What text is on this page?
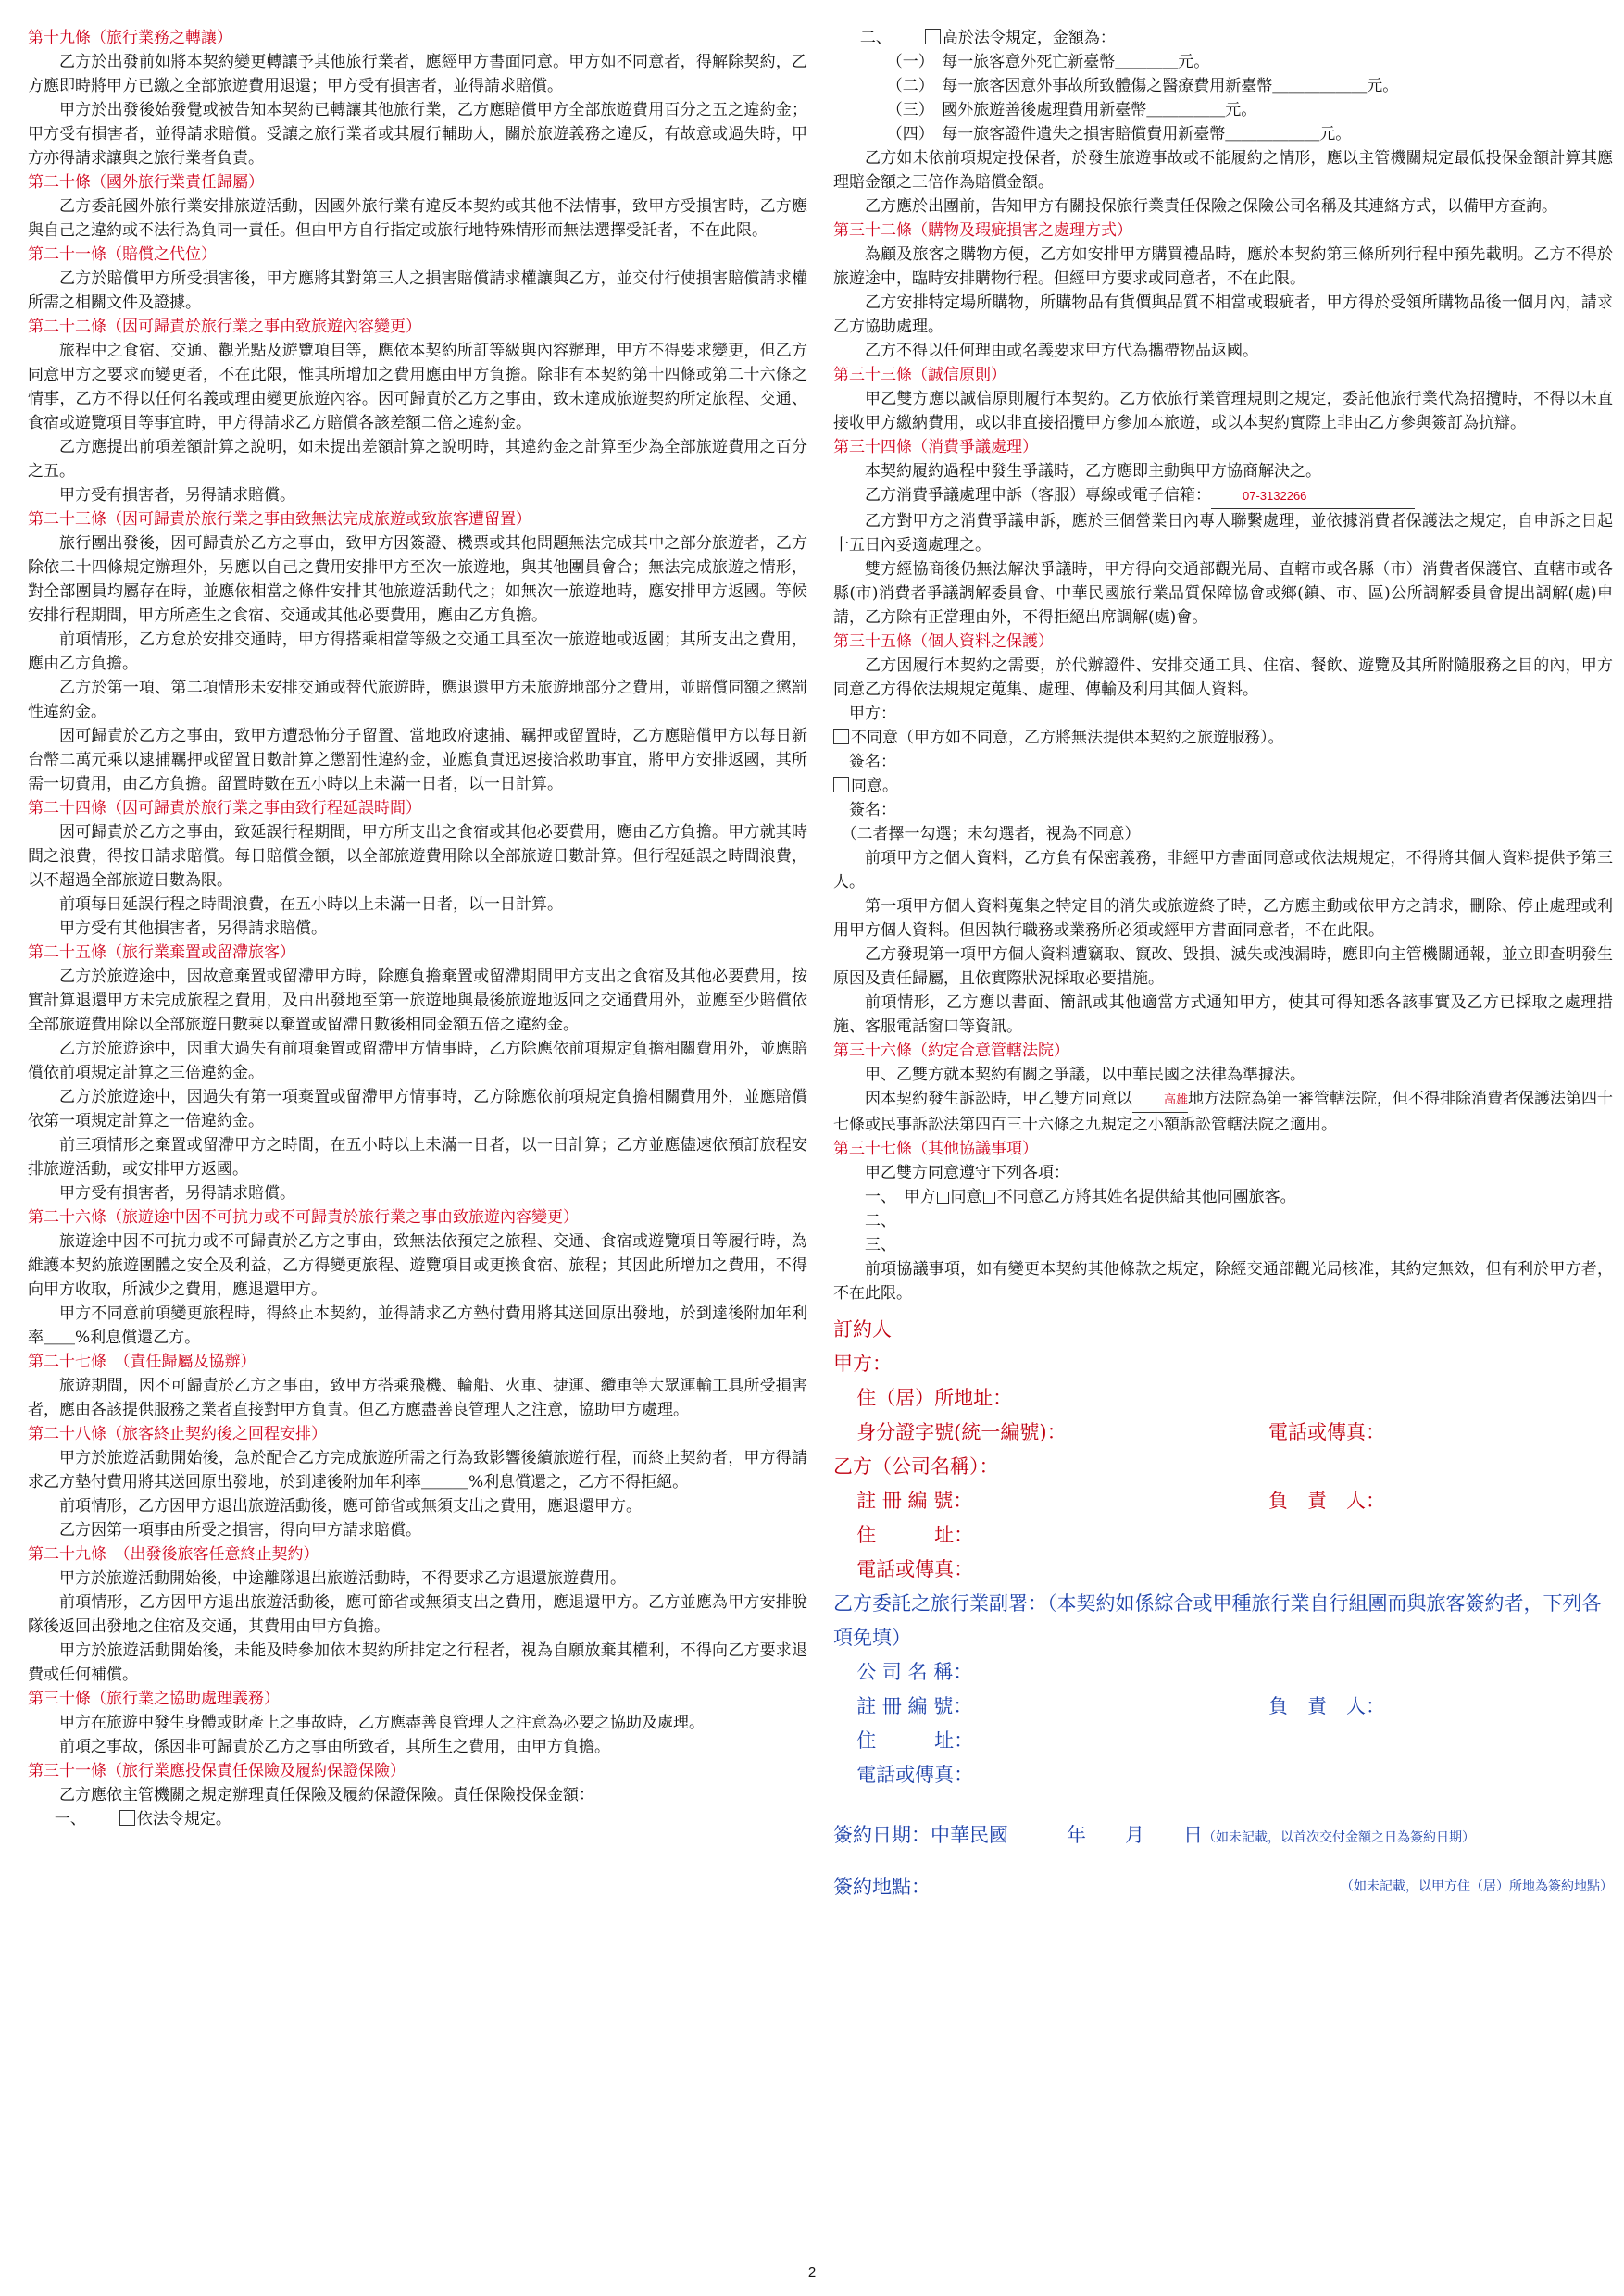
第十九條（旅行業務之轉讓）
乙方於出發前如將本契約變更轉讓予其他旅行業者，應經甲方書面同意。甲方如不同意者，得解除契約，乙方應即時將甲方已繳之全部旅遊費用退還；甲方受有損害者，並得請求賠償。
甲方於出發後始發覺或被告知本契約已轉讓其他旅行業，乙方應賠償甲方全部旅遊費用百分之五之違約金；甲方受有損害者，並得請求賠償。受讓之旅行業者或其履行輔助人，關於旅遊義務之違反，有故意或過失時，甲方亦得請求讓與之旅行業者負責。
第二十條（國外旅行業責任歸屬）
乙方委託國外旅行業安排旅遊活動，因國外旅行業有違反本契約或其他不法情事，致甲方受損害時，乙方應與自己之違約或不法行為負同一責任。但由甲方自行指定或旅行地特殊情形而無法選擇受託者，不在此限。
第二十一條（賠償之代位）
乙方於賠償甲方所受損害後，甲方應將其對第三人之損害賠償請求權讓與乙方，並交付行使損害賠償請求權所需之相關文件及證據。
第二十二條（因可歸責於旅行業之事由致旅遊內容變更）
旅程中之食宿、交通、觀光點及遊覽項目等，應依本契約所訂等級與內容辦理，甲方不得要求變更，但乙方同意甲方之要求而變更者，不在此限，惟其所增加之費用應由甲方負擔。除非有本契約第十四條或第二十六條之情事，乙方不得以任何名義或理由變更旅遊內容。因可歸責於乙方之事由，致未達成旅遊契約所定旅程、交通、食宿或遊覽項目等事宜時，甲方得請求乙方賠償各該差額二倍之違約金。
乙方應提出前項差額計算之說明，如未提出差額計算之說明時，其違約金之計算至少為全部旅遊費用之百分之五。
甲方受有損害者，另得請求賠償。
第二十三條（因可歸責於旅行業之事由致無法完成旅遊或致旅客遭留置）
旅行團出發後，因可歸責於乙方之事由，致甲方因簽證、機票或其他問題無法完成其中之部分旅遊者，乙方除依二十四條規定辦理外，另應以自己之費用安排甲方至次一旅遊地，與其他團員會合；無法完成旅遊之情形，對全部團員均屬存在時，並應依相當之條件安排其他旅遊活動代之；如無次一旅遊地時，應安排甲方返國。等候安排行程期間，甲方所產生之食宿、交通或其他必要費用，應由乙方負擔。
前項情形，乙方怠於安排交通時，甲方得搭乘相當等級之交通工具至次一旅遊地或返國；其所支出之費用，應由乙方負擔。
乙方於第一項、第二項情形未安排交通或替代旅遊時，應退還甲方未旅遊地部分之費用，並賠償同額之懲罰性違約金。
因可歸責於乙方之事由，致甲方遭恐怖分子留置、當地政府逮捕、羈押或留置時，乙方應賠償甲方以每日新台幣二萬元乘以逮捕羈押或留置日數計算之懲罰性違約金，並應負責迅速接洽救助事宜，將甲方安排返國，其所需一切費用，由乙方負擔。留置時數在五小時以上未滿一日者，以一日計算。
第二十四條（因可歸責於旅行業之事由致行程延誤時間）
因可歸責於乙方之事由，致延誤行程期間，甲方所支出之食宿或其他必要費用，應由乙方負擔。甲方就其時間之浪費，得按日請求賠償。每日賠償金額，以全部旅遊費用除以全部旅遊日數計算。但行程延誤之時間浪費，以不超過全部旅遊日數為限。
前項每日延誤行程之時間浪費，在五小時以上未滿一日者，以一日計算。
甲方受有其他損害者，另得請求賠償。
第二十五條（旅行業棄置或留滯旅客）
乙方於旅遊途中，因故意棄置或留滯甲方時，除應負擔棄置或留滯期間甲方支出之食宿及其他必要費用，按實計算退還甲方未完成旅程之費用，及由出發地至第一旅遊地與最後旅遊地返回之交通費用外，並應至少賠償依全部旅遊費用除以全部旅遊日數乘以棄置或留滯日數後相同金額五倍之違約金。
乙方於旅遊途中，因重大過失有前項棄置或留滯甲方情事時，乙方除應依前項規定負擔相關費用外，並應賠償依前項規定計算之三倍違約金。
乙方於旅遊途中，因過失有第一項棄置或留滯甲方情事時，乙方除應依前項規定負擔相關費用外，並應賠償依第一項規定計算之一倍違約金。
前三項情形之棄置或留滯甲方之時間，在五小時以上未滿一日者，以一日計算；乙方並應儘速依預訂旅程安排旅遊活動，或安排甲方返國。
甲方受有損害者，另得請求賠償。
第二十六條（旅遊途中因不可抗力或不可歸責於旅行業之事由致旅遊內容變更）
旅遊途中因不可抗力或不可歸責於乙方之事由，致無法依預定之旅程、交通、食宿或遊覽項目等履行時，為維護本契約旅遊團體之安全及利益，乙方得變更旅程、遊覽項目或更換食宿、旅程；其因此所增加之費用，不得向甲方收取，所減少之費用，應退還甲方。
甲方不同意前項變更旅程時，得終止本契約，並得請求乙方墊付費用將其送回原出發地，於到達後附加年利率＿＿%利息償還乙方。
第二十七條　（責任歸屬及協辦）
旅遊期間，因不可歸責於乙方之事由，致甲方搭乘飛機、輪船、火車、捷運、纜車等大眾運輸工具所受損害者，應由各該提供服務之業者直接對甲方負責。但乙方應盡善良管理人之注意，協助甲方處理。
第二十八條（旅客終止契約後之回程安排）
甲方於旅遊活動開始後，急於配合乙方完成旅遊所需之行為致影響後續旅遊行程，而終止契約者，甲方得請求乙方墊付費用將其送回原出發地，於到達後附加年利率＿＿＿%利息償還之，乙方不得拒絕。
前項情形，乙方因甲方退出旅遊活動後，應可節省或無須支出之費用，應退還甲方。
乙方因第一項事由所受之損害，得向甲方請求賠償。
第二十九條　（出發後旅客任意終止契約）
甲方於旅遊活動開始後，中途離隊退出旅遊活動時，不得要求乙方退還旅遊費用。
前項情形，乙方因甲方退出旅遊活動後，應可節省或無須支出之費用，應退還甲方。乙方並應為甲方安排脫隊後返回出發地之住宿及交通，其費用由甲方負擔。
甲方於旅遊活動開始後，未能及時參加依本契約所排定之行程者，視為自願放棄其權利，不得向乙方要求退費或任何補償。
第三十條（旅行業之協助處理義務）
甲方在旅遊中發生身體或財產上之事故時，乙方應盡善良管理人之注意為必要之協助及處理。
前項之事故，係因非可歸責於乙方之事由所致者，其所生之費用，由甲方負擔。
第三十一條（旅行業應投保責任保險及履約保證保險）
乙方應依主管機關之規定辦理責任保險及履約保證保險。責任保險投保金額：
一、	依法令規定。
二、	高於法令規定，金額為：
（一）　每一旅客意外死亡新臺幣＿＿＿＿元。
（二）　每一旅客因意外事故所致體傷之醫療費用新臺幣＿＿＿＿＿＿元。
（三）　國外旅遊善後處理費用新臺幣＿＿＿＿＿元。
（四）　每一旅客證件遺失之損害賠償費用新臺幣＿＿＿＿＿＿元。
乙方如未依前項規定投保者，於發生旅遊事故或不能履約之情形，應以主管機關規定最低投保金額計算其應理賠金額之三倍作為賠償金額。
乙方應於出團前，告知甲方有關投保旅行業責任保險之保險公司名稱及其連絡方式，以備甲方查詢。
第三十二條（購物及瑕疵損害之處理方式）
為顧及旅客之購物方便，乙方如安排甲方購買禮品時，應於本契約第三條所列行程中預先載明。乙方不得於旅遊途中，臨時安排購物行程。但經甲方要求或同意者，不在此限。
乙方安排特定場所購物，所購物品有貨價與品質不相當或瑕疵者，甲方得於受領所購物品後一個月內，請求乙方協助處理。
乙方不得以任何理由或名義要求甲方代為攜帶物品返國。
第三十三條（誠信原則）
甲乙雙方應以誠信原則履行本契約。乙方依旅行業管理規則之規定，委託他旅行業代為招攬時，不得以未直接收甲方繳納費用，或以非直接招攬甲方參加本旅遊，或以本契約實際上非由乙方參與簽訂為抗辯。
第三十四條（消費爭議處理）
本契約履約過程中發生爭議時，乙方應即主動與甲方協商解決之。
乙方消費爭議處理申訴（客服）專線或電子信箱：	07-3132266
乙方對甲方之消費爭議申訴，應於三個營業日內專人聯繫處理，並依據消費者保護法之規定，自申訴之日起十五日內妥適處理之。
雙方經協商後仍無法解決爭議時，甲方得向交通部觀光局、直轄市或各縣（市）消費者保護官、直轄市或各縣(市)消費者爭議調解委員會、中華民國旅行業品質保障協會或鄉(鎮、市、區)公所調解委員會提出調解(處)申請，乙方除有正當理由外，不得拒絕出席調解(處)會。
第三十五條（個人資料之保護）
乙方因履行本契約之需要，於代辦證件、安排交通工具、住宿、餐飲、遊覽及其所附隨服務之目的內，甲方同意乙方得依法規規定蒐集、處理、傳輸及利用其個人資料。
　甲方：
不同意（甲方如不同意，乙方將無法提供本契約之旅遊服務）。
　簽名：
同意。
　簽名：
　（二者擇一勾選；未勾選者，視為不同意）
前項甲方之個人資料，乙方負有保密義務，非經甲方書面同意或依法規規定，不得將其個人資料提供予第三人。
第一項甲方個人資料蒐集之特定目的消失或旅遊終了時，乙方應主動或依甲方之請求，刪除、停止處理或利用甲方個人資料。但因執行職務或業務所必須或經甲方書面同意者，不在此限。
乙方發現第一項甲方個人資料遭竊取、竄改、毀損、滅失或洩漏時，應即向主管機關通報，並立即查明發生原因及責任歸屬，且依實際狀況採取必要措施。
前項情形，乙方應以書面、簡訊或其他適當方式通知甲方，使其可得知悉各該事實及乙方已採取之處理措施、客服電話窗口等資訊。
第三十六條（約定合意管轄法院）
甲、乙雙方就本契約有關之爭議，以中華民國之法律為準據法。
因本契約發生訴訟時，甲乙雙方同意以	高雄地方法院為第一審管轄法院，但不得排除消費者保護法第四十七條或民事訴訟法第四百三十六條之九規定之小額訴訟管轄法院之適用。
第三十七條（其他協議事項）
甲乙雙方同意遵守下列各項：
一、　甲方□同意□不同意乙方將其姓名提供給其他同團旅客。
二、
三、
前項協議事項，如有變更本契約其他條款之規定，除經交通部觀光局核准，其約定無效，但有利於甲方者，不在此限。
訂約人
甲方：
住（居）所地址：
身分證字號(統一編號)：	電話或傳真：
乙方（公司名稱）：
註 冊 編 號：	負　責　人：
住　　　址：
電話或傳真：
乙方委託之旅行業副署：（本契約如係綜合或甲種旅行業自行組團而與旅客簽約者，下列各項免填）
公 司 名 稱：
註 冊 編 號：	負　責　人：
住　　　址：
電話或傳真：
簽約日期：中華民國　　　年　　月　　日（如未記載，以首次交付金額之日為簽約日期）
簽約地點：	（如未記載，以甲方住（居）所地為簽約地點）
2
